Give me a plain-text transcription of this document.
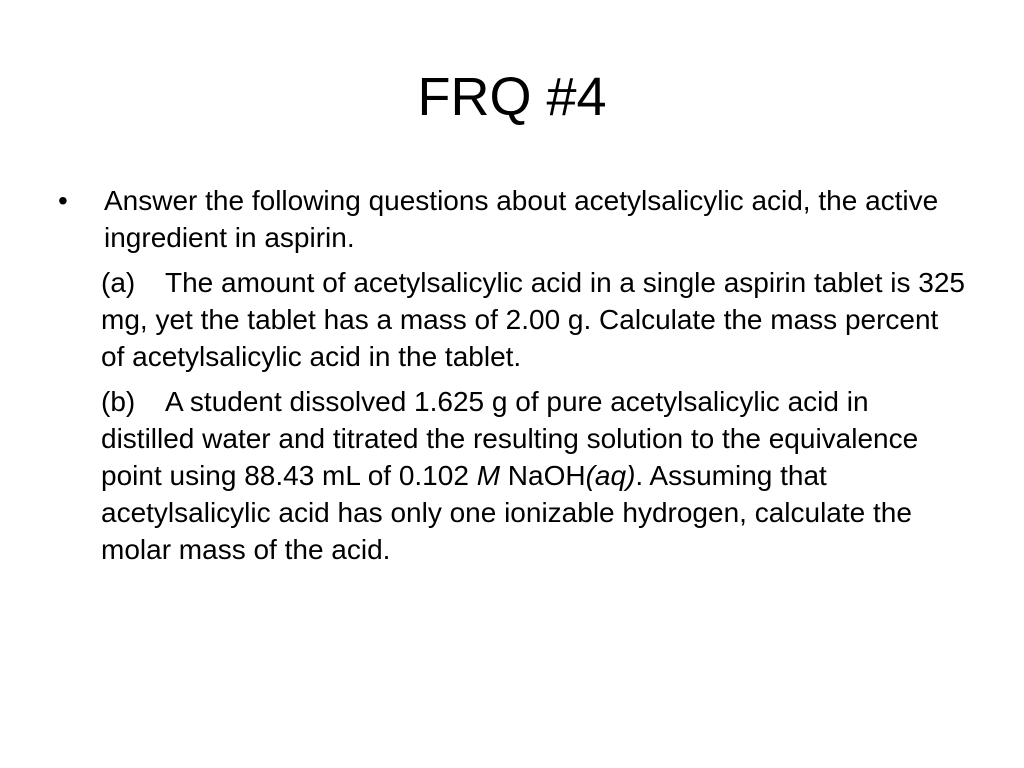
FRQ #4
•	Answer the following questions about acetylsalicylic acid, the active ingredient in aspirin.
(a) The amount of acetylsalicylic acid in a single aspirin tablet is 325 mg, yet the tablet has a mass of 2.00 g. Calculate the mass percent of acetylsalicylic acid in the tablet.
(b) A student dissolved 1.625 g of pure acetylsalicylic acid in distilled water and titrated the resulting solution to the equivalence point using 88.43 mL of 0.102 M NaOH(aq). Assuming that acetylsalicylic acid has only one ionizable hydrogen, calculate the molar mass of the acid.
